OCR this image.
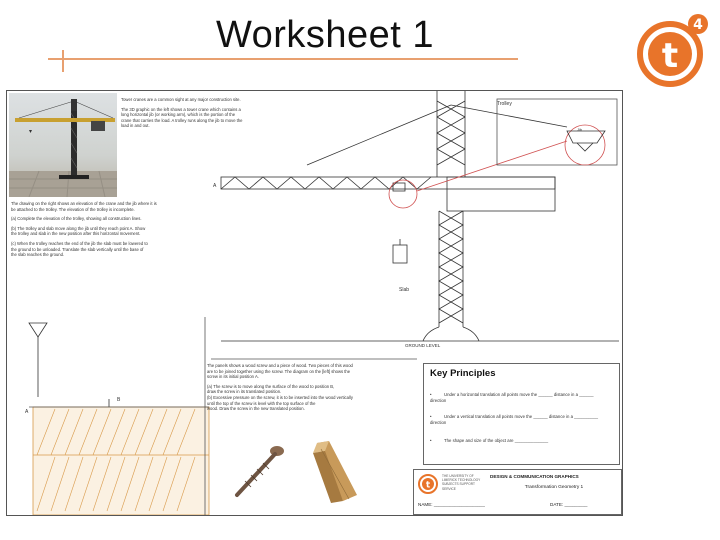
Worksheet 1	t
4
▾
Tower cranes are a common sight at any major construction site.
The 3D graphic on the left shows a tower crane which contains a
long horizontal jib (or working arm), which is the portion of the
crane that carries the load. A trolley runs along the jib to move the
load in and out.
Trolley
Jib
A
Slab
GROUND LEVEL
A
B
The drawing on the right shows an elevation of the crane and the jib where it is
be attached to the trolley. The elevation of the trolley is incomplete.
(a) Complete the elevation of the trolley, showing all construction lines.
(b) The trolley and slab move along the jib until they reach point A. Show
the trolley and slab in the new position after this horizontal movement.
(c) When the trolley reaches the end of the jib the slab must be lowered to
the ground to be unloaded. Translate the slab vertically until the base of
the slab reaches the ground.
The panels shows a wood screw and a piece of wood. Two pieces of this wood
are to be joined together using the screw. The diagram on the [left] shows the
screw in its initial position A.
(a) The screw is to move along the surface of the wood to position B,
draw the screw in its translated position.
(b) Excessive pressure on the screw, it is to be inserted into the wood vertically
until the top of the screw is level with the top surface of the
wood. Draw the screw in the new translated position.
Key Principles
•	Under a horizontal translation all points move the ______ distance in a ______ direction
•	Under a vertical translation all points move the ______ distance in a __________ direction
•	The shape and size of the object are ______________
t
THE UNIVERSITY OF LIMERICK TECHNOLOGY SUBJECTS SUPPORT SERVICE
DESIGN & COMMUNICATION GRAPHICS
Transformation Geometry 1
NAME: ____________________	DATE: _________
